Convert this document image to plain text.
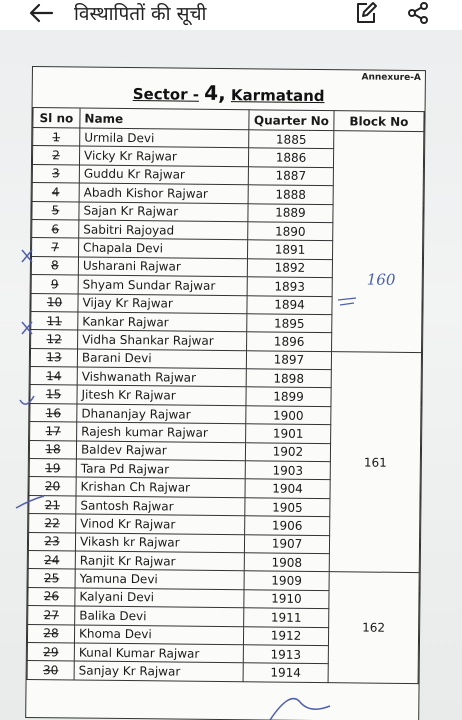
विस्थापितों की सूची
Annexure-A
Sector - 4, Karmatand
Sl no	Name	Quarter No	Block No
1	Urmila Devi	1885	
2	Vicky Kr Rajwar	1886	
3	Guddu Kr Rajwar	1887	
4	Abadh Kishor Rajwar	1888	
5	Sajan Kr Rajwar	1889	
6	Sabitri Rajoyad	1890	
7	Chapala Devi	1891	
8	Usharani Rajwar	1892	
9	Shyam Sundar Rajwar	1893	
10	Vijay Kr Rajwar	1894	
11	Kankar Rajwar	1895	
12	Vidha Shankar Rajwar	1896	
13	Barani Devi	1897	161
14	Vishwanath Rajwar	1898	
15	Jitesh Kr Rajwar	1899	
16	Dhananjay Rajwar	1900	
17	Rajesh kumar Rajwar	1901	
18	Baldev Rajwar	1902	
19	Tara Pd Rajwar	1903	
20	Krishan Ch Rajwar	1904	
21	Santosh Rajwar	1905	
22	Vinod Kr Rajwar	1906	
23	Vikash kr Rajwar	1907	
24	Ranjit Kr Rajwar	1908	
25	Yamuna Devi	1909	162
26	Kalyani Devi	1910	
27	Balika Devi	1911	
28	Khoma Devi	1912	
29	Kunal Kumar Rajwar	1913	
30	Sanjay Kr Rajwar	1914	
160
